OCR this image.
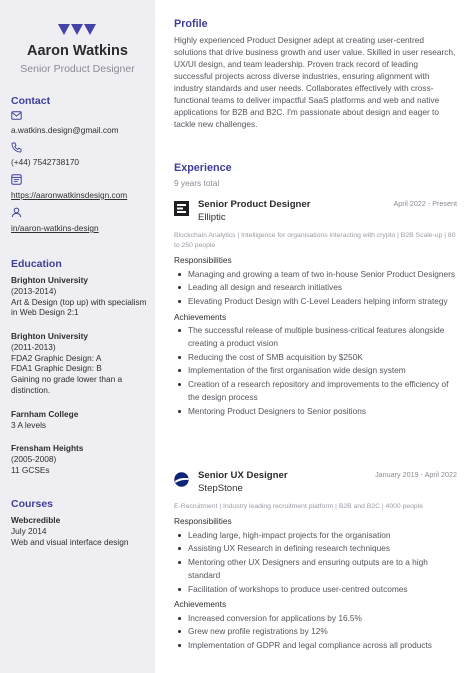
Aaron Watkins
Senior Product Designer
Contact
a.watkins.design@gmail.com
(+44) 7542738170
https://aaronwatkinsdesign.com
in/aaron-watkins-design
Education
Brighton University
(2013-2014)
Art & Design (top up) with specialism in Web Design 2:1
Brighton University
(2011-2013)
FDA2 Graphic Design: A
FDA1 Graphic Design: B
Gaining no grade lower than a distinction.
Farnham College
3 A levels
Frensham Heights
(2005-2008)
11 GCSEs
Courses
Webcredible
July 2014
Web and visual interface design
Profile
Highly experienced Product Designer adept at creating user-centred solutions that drive business growth and user value. Skilled in user research, UX/UI design, and team leadership. Proven track record of leading successful projects across diverse industries, ensuring alignment with industry standards and user needs. Collaborates effectively with cross-functional teams to deliver impactful SaaS platforms and web and native applications for B2B and B2C. I'm passionate about design and eager to tackle new challenges.
Experience
9 years total
Senior Product Designer
Elliptic
April 2022 - Present
Blockchain Analytics | Intelligence for organisations interacting with crypto | B2B Scale-up | 80 to 250 people
Responsibilities
Managing and growing a team of two in-house Senior Product Designers
Leading all design and research initiatives
Elevating Product Design with C-Level Leaders helping inform strategy
Achievements
The successful release of multiple business-critical features alongside creating a product vision
Reducing the cost of SMB acquisition by $250K
Implementation of the first organisation wide design system
Creation of a research repository and improvements to the efficiency of the design process
Mentoring Product Designers to Senior positions
Senior UX Designer
StepStone
January 2019 - April 2022
E-Recruitment | Industry leading recruitment platform | B2B and B2C | 4000 people
Responsibilities
Leading large, high-impact projects for the organisation
Assisting UX Research in defining research techniques
Mentoring other UX Designers and ensuring outputs are to a high standard
Facilitation of workshops to produce user-centred outcomes
Achievements
Increased conversion for applications by 16.5%
Grew new profile registrations by 12%
Implementation of GDPR and legal compliance across all products
